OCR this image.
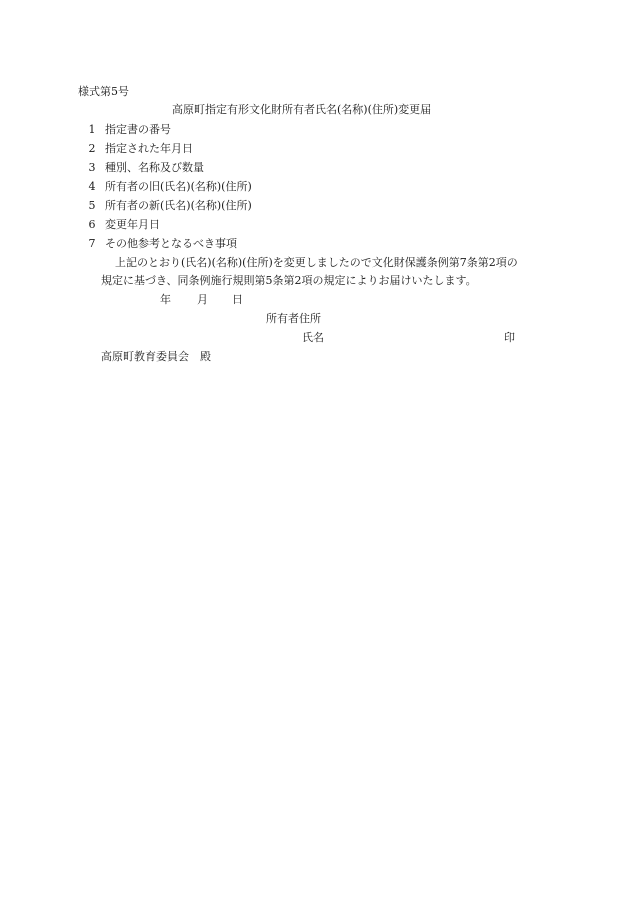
様式第5号
高原町指定有形文化財所有者氏名(名称)(住所)変更届
1 指定書の番号
2 指定された年月日
3 種別、名称及び数量
4 所有者の旧(氏名)(名称)(住所)
5 所有者の新(氏名)(名称)(住所)
6 変更年月日
7 その他参考となるべき事項
上記のとおり(氏名)(名称)(住所)を変更しましたので文化財保護条例第7条第2項の
規定に基づき、同条例施行規則第5条第2項の規定によりお届けいたします。
年 月 日
所有者住所
氏名	印
高原町教育委員会　殿
